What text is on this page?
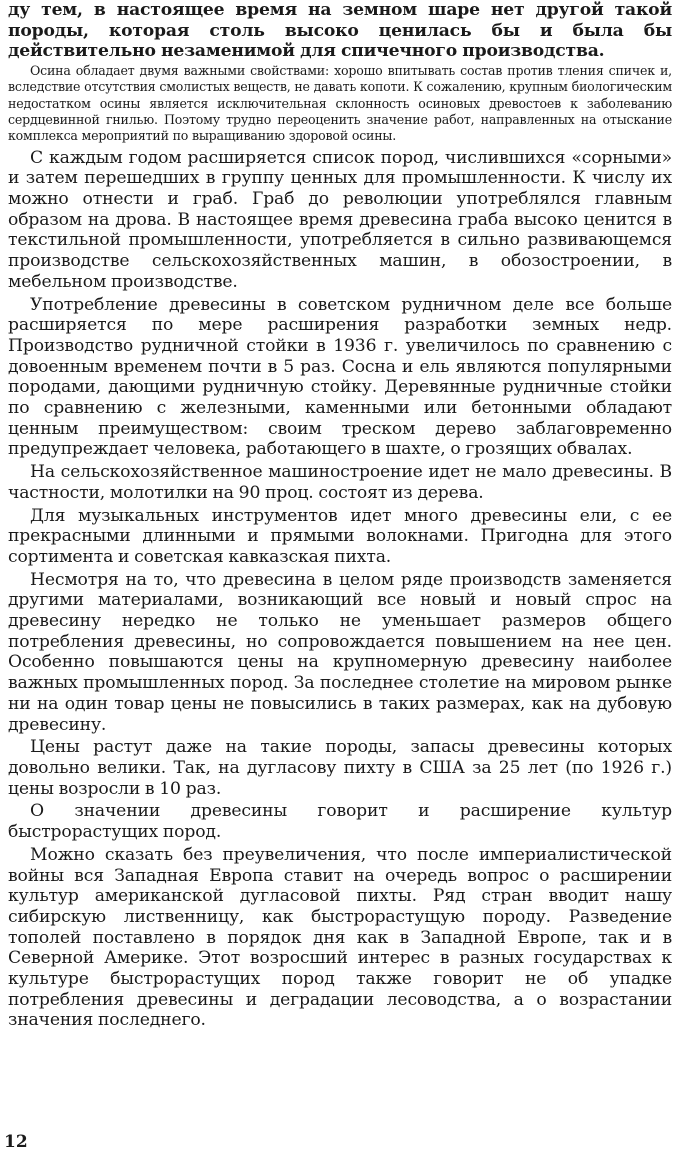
ду тем, в настоящее время на земном шаре нет другой такой породы, которая столь высоко ценилась бы и была бы действительно незаменимой для спичечного производства.

Осина обладает двумя важными свойствами: хорошо впитывать состав против тления спичек и, вследствие отсутствия смолистых веществ, не давать копоти. К сожалению, крупным биологическим недостатком осины является исключительная склонность осиновых древостоев к заболеванию сердцевинной гнилью. Поэтому трудно переоценить значение работ, направленных на отыскание комплекса мероприятий по выращиванию здоровой осины.

С каждым годом расширяется список пород, числившихся «сорными» и затем перешедших в группу ценных для промышленности. К числу их можно отнести и граб. Граб до революции употреблялся главным образом на дрова. В настоящее время древесина граба высоко ценится в текстильной промышленности, употребляется в сильно развивающемся производстве сельскохозяйственных машин, в обозостроении, в мебельном производстве.

Употребление древесины в советском рудничном деле все больше расширяется по мере расширения разработки земных недр. Производство рудничной стойки в 1936 г. увеличилось по сравнению с довоенным временем почти в 5 раз. Сосна и ель являются популярными породами, дающими рудничную стойку. Деревянные рудничные стойки по сравнению с железными, каменными или бетонными обладают ценным преимуществом: своим треском дерево заблаговременно предупреждает человека, работающего в шахте, о грозящих обвалах.

На сельскохозяйственное машиностроение идет не мало древесины. В частности, молотилки на 90 проц. состоят из дерева.

Для музыкальных инструментов идет много древесины ели, с ее прекрасными длинными и прямыми волокнами. Пригодна для этого сортимента и советская кавказская пихта.

Несмотря на то, что древесина в целом ряде производств заменяется другими материалами, возникающий все новый и новый спрос на древесину нередко не только не уменьшает размеров общего потребления древесины, но сопровождается повышением на нее цен. Особенно повышаются цены на крупномерную древесину наиболее важных промышленных пород. За последнее столетие на мировом рынке ни на один товар цены не повысились в таких размерах, как на дубовую древесину.

Цены растут даже на такие породы, запасы древесины которых довольно велики. Так, на дугласову пихту в США за 25 лет (по 1926 г.) цены возросли в 10 раз.

О значении древесины говорит и расширение культур быстрорастущих пород.

Можно сказать без преувеличения, что после империалистической войны вся Западная Европа ставит на очередь вопрос о расширении культур американской дугласовой пихты. Ряд стран вводит нашу сибирскую лиственницу, как быстрорастущую породу. Разведение тополей поставлено в порядок дня как в Западной Европе, так и в Северной Америке. Этот возросший интерес в разных государствах к культуре быстрорастущих пород также говорит не об упадке потребления древесины и деградации лесоводства, а о возрастании значения последнего.

12
